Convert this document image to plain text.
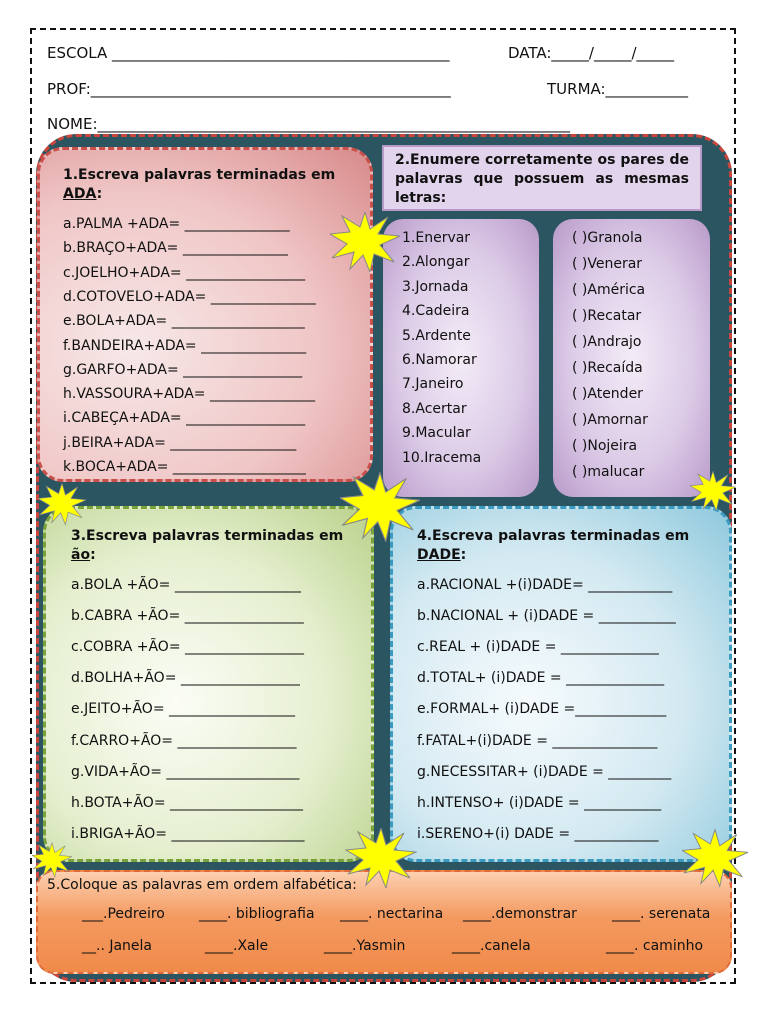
ESCOLA _____________________________________________	DATA:_____/_____/_____
PROF:________________________________________________	TURMA:___________
NOME:_______________________________________________________________
1.Escreva palavras terminadas em
ADA:
a.PALMA +ADA= _______________
b.BRAÇO+ADA= _______________
c.JOELHO+ADA= _________________
d.COTOVELO+ADA= _______________
e.BOLA+ADA= ___________________
f.BANDEIRA+ADA= _______________
g.GARFO+ADA= _________________
h.VASSOURA+ADA= _______________
i.CABEÇA+ADA= _________________
j.BEIRA+ADA= __________________
k.BOCA+ADA= ___________________
2.Enumere corretamente os pares de palavras que possuem as mesmas letras:
1.Enervar
2.Alongar
3.Jornada
4.Cadeira
5.Ardente
6.Namorar
7.Janeiro
8.Acertar
9.Macular
10.Iracema
( )Granola
( )Venerar
( )América
( )Recatar
( )Andrajo
( )Recaída
( )Atender
( )Amornar
( )Nojeira
( )malucar
3.Escreva palavras terminadas em
ão:
a.BOLA +ÃO= __________________
b.CABRA +ÃO= _________________
c.COBRA +ÃO= _________________
d.BOLHA+ÃO= _________________
e.JEITO+ÃO= __________________
f.CARRO+ÃO= _________________
g.VIDA+ÃO= ___________________
h.BOTA+ÃO= ___________________
i.BRIGA+ÃO= ___________________
4.Escreva palavras terminadas em
DADE:
a.RACIONAL +(i)DADE= ____________
b.NACIONAL + (i)DADE = ___________
c.REAL + (i)DADE = ______________
d.TOTAL+ (i)DADE = ______________
e.FORMAL+ (i)DADE =_____________
f.FATAL+(i)DADE = _______________
g.NECESSITAR+ (i)DADE = _________
h.INTENSO+ (i)DADE = ___________
i.SERENO+(i) DADE = ____________
5.Coloque as palavras em ordem alfabética:
___.Pedreiro ____. bibliografia ____. nectarina ____.demonstrar	____. serenata
__.. Janela	____.Xale	____.Yasmin	____.canela	____. caminho
